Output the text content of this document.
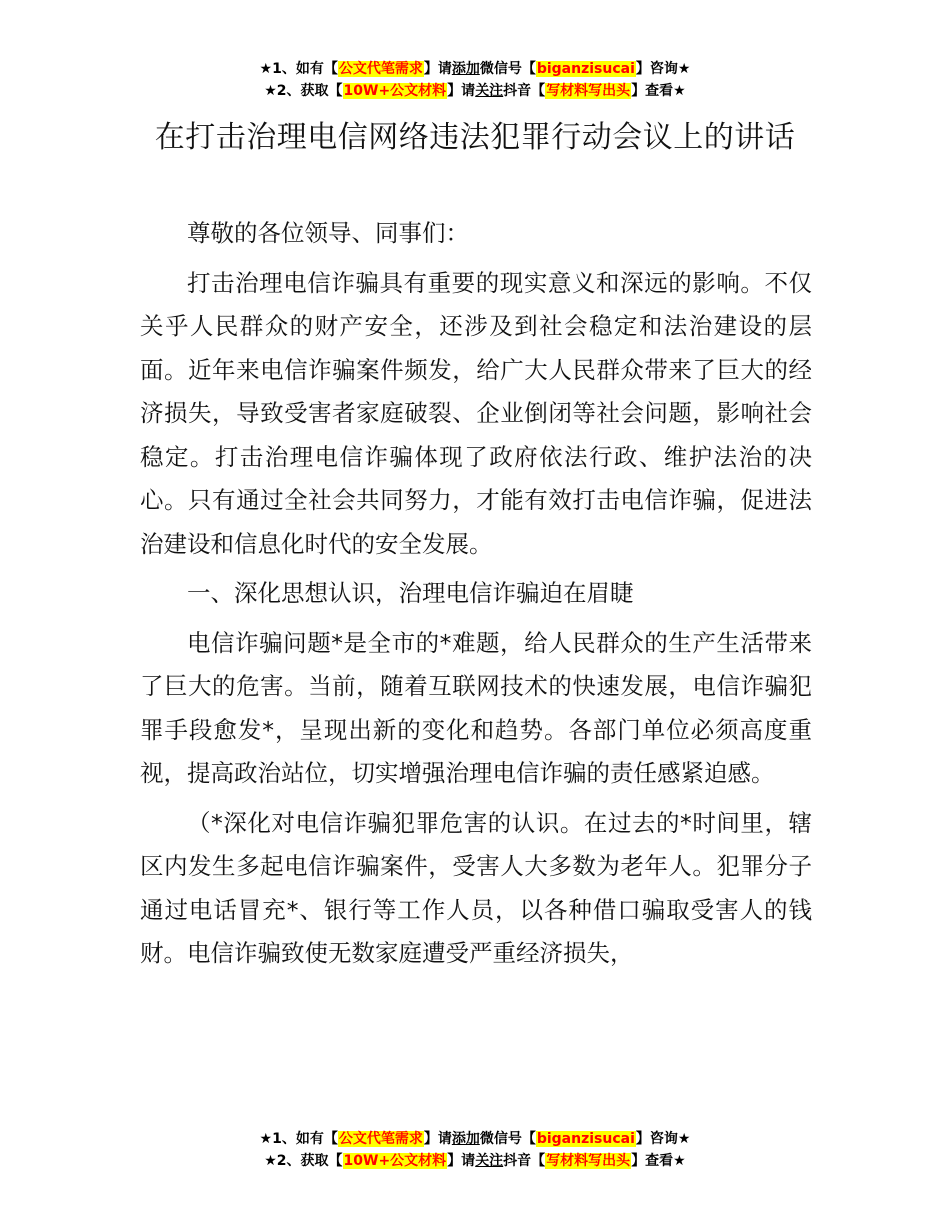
★1、如有【公文代笔需求】请添加微信号【biganzisucai】咨询★
★2、获取【10W+公文材料】请关注抖音【写材料写出头】查看★
在打击治理电信网络违法犯罪行动会议上的讲话

尊敬的各位领导、同事们：

打击治理电信诈骗具有重要的现实意义和深远的影响。不仅关乎人民群众的财产安全，还涉及到社会稳定和法治建设的层面。近年来电信诈骗案件频发，给广大人民群众带来了巨大的经济损失，导致受害者家庭破裂、企业倒闭等社会问题，影响社会稳定。打击治理电信诈骗体现了政府依法行政、维护法治的决心。只有通过全社会共同努力，才能有效打击电信诈骗，促进法治建设和信息化时代的安全发展。

一、深化思想认识，治理电信诈骗迫在眉睫

电信诈骗问题*是全市的*难题，给人民群众的生产生活带来了巨大的危害。当前，随着互联网技术的快速发展，电信诈骗犯罪手段愈发*，呈现出新的变化和趋势。各部门单位必须高度重视，提高政治站位，切实增强治理电信诈骗的责任感紧迫感。

（*深化对电信诈骗犯罪危害的认识。在过去的*时间里，辖区内发生多起电信诈骗案件，受害人大多数为老年人。犯罪分子通过电话冒充*、银行等工作人员，以各种借口骗取受害人的钱财。电信诈骗致使无数家庭遭受严重经济损失，

★1、如有【公文代笔需求】请添加微信号【biganzisucai】咨询★
★2、获取【10W+公文材料】请关注抖音【写材料写出头】查看★
